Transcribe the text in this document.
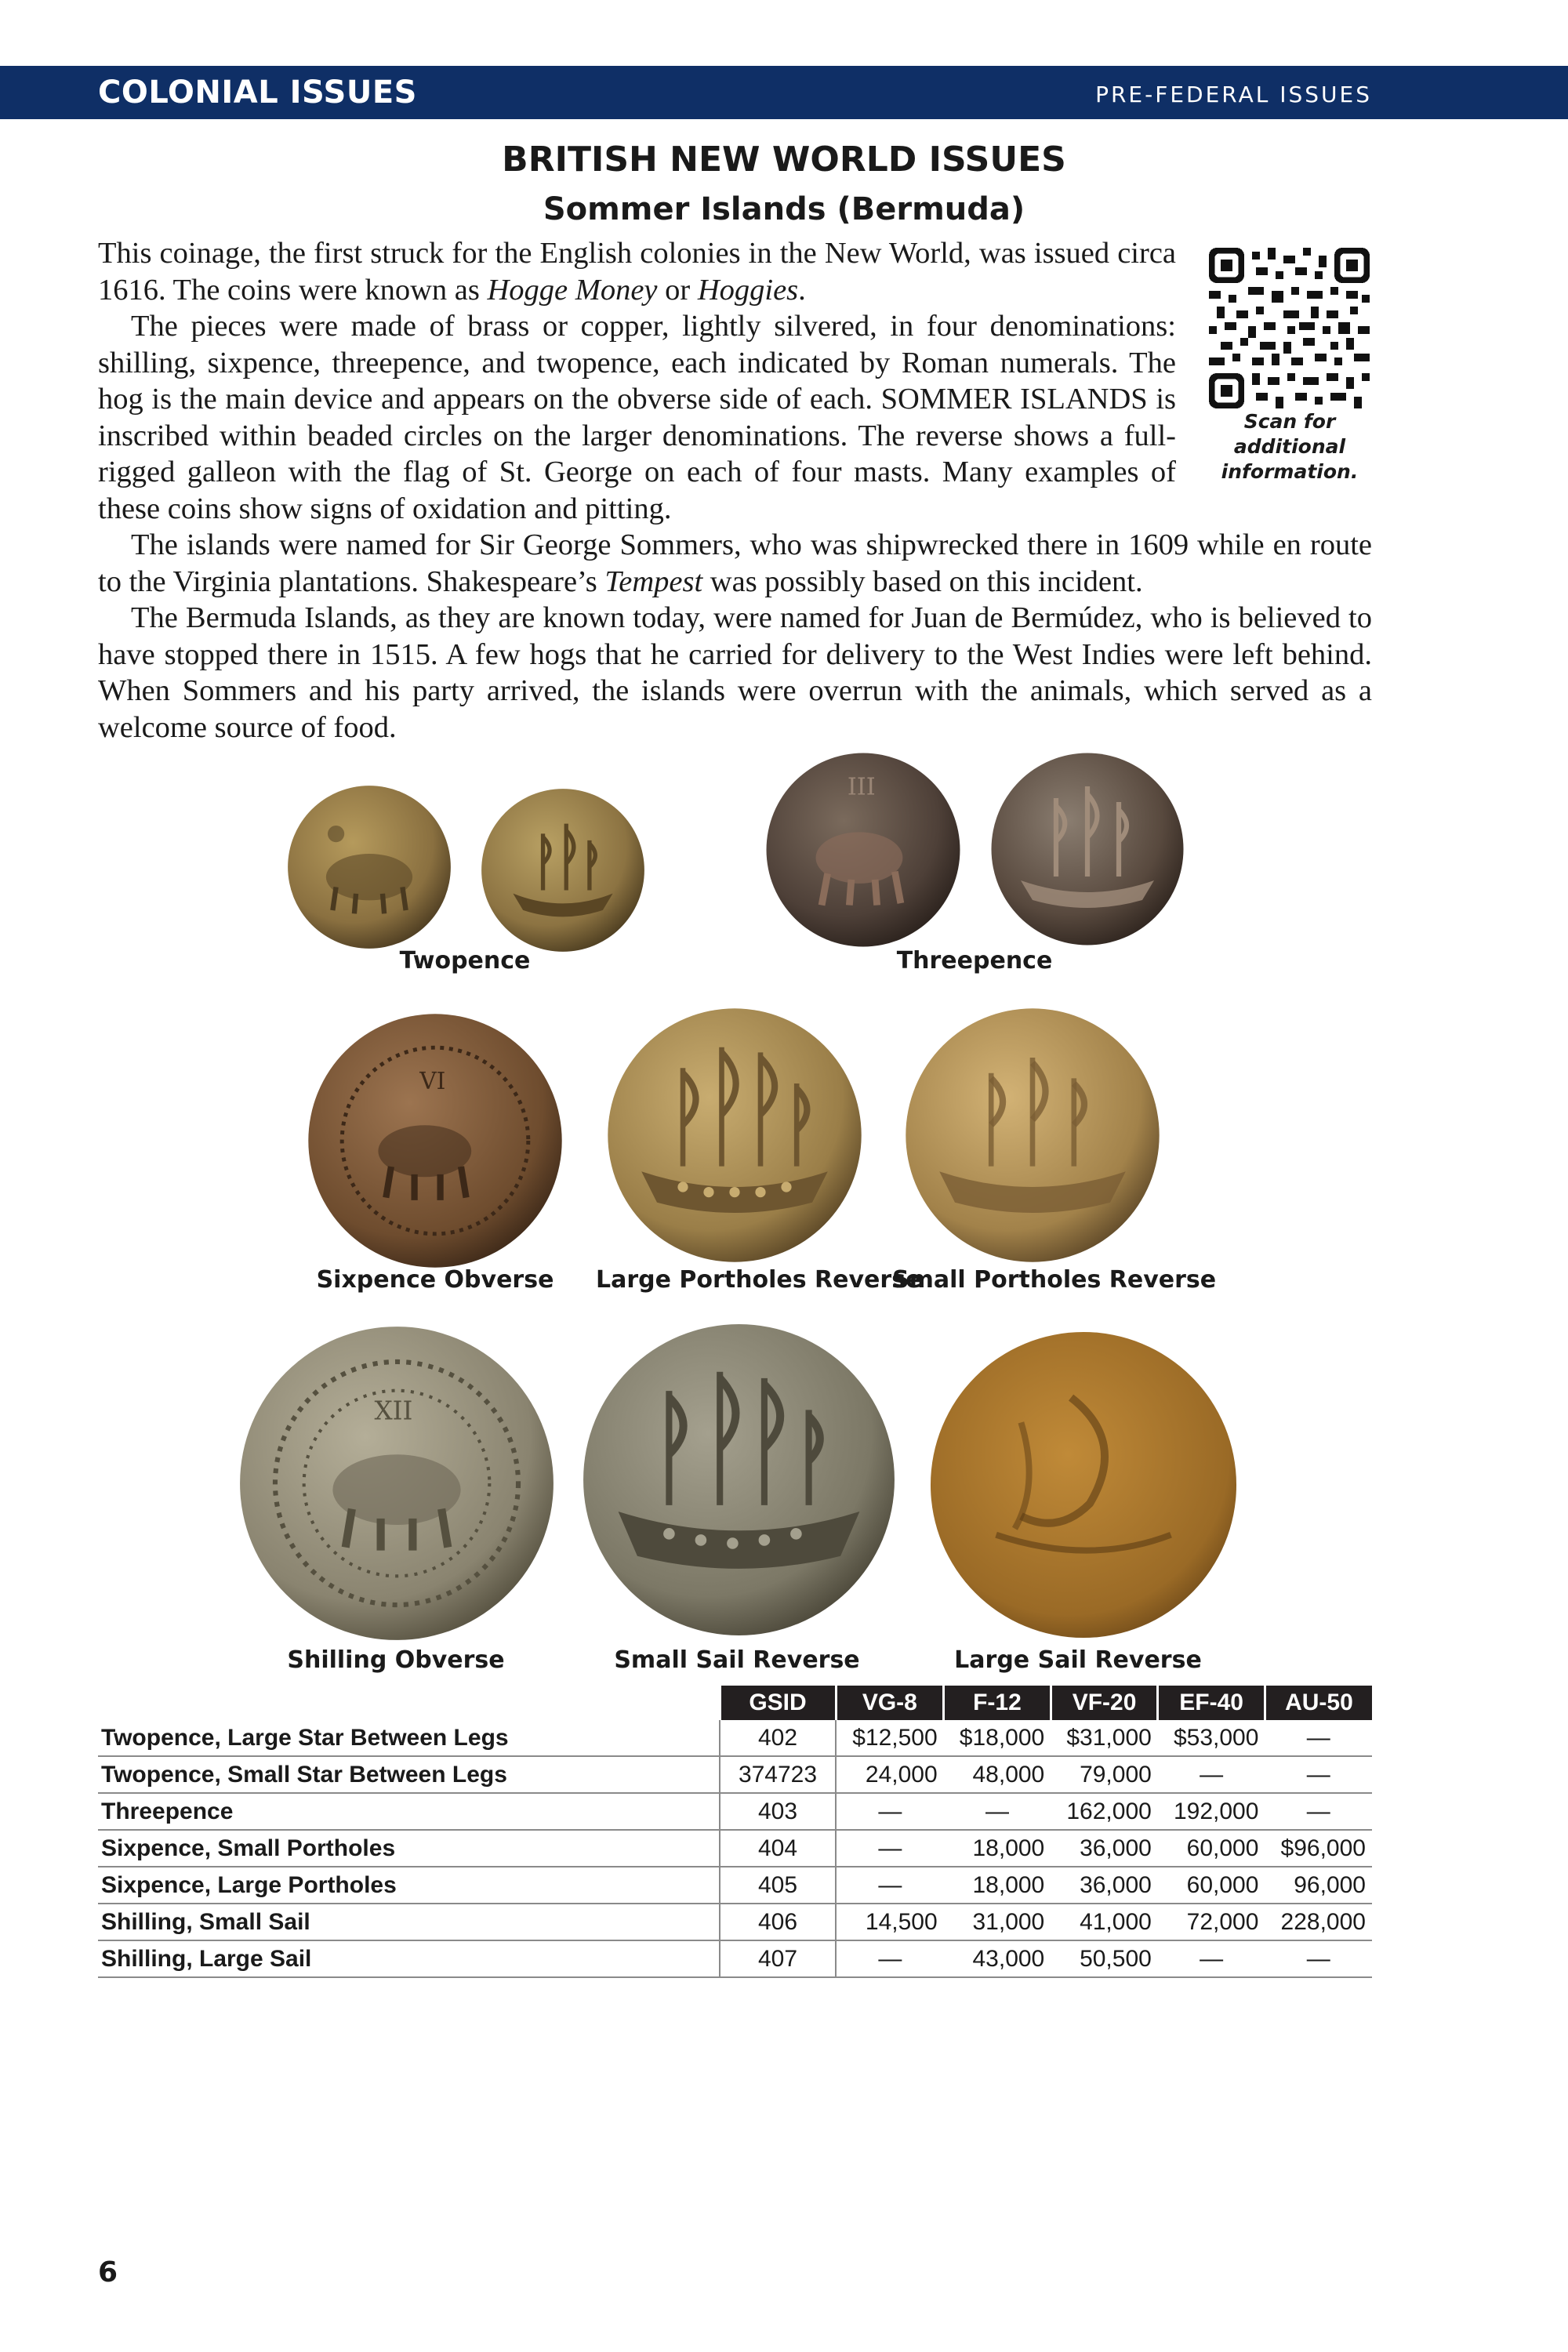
COLONIAL ISSUES	PRE-FEDERAL ISSUES
BRITISH NEW WORLD ISSUES
Sommer Islands (Bermuda)

This coinage, the first struck for the English colonies in the New World, was issued circa 1616. The coins were known as Hogge Money or Hoggies.

The pieces were made of brass or copper, lightly silvered, in four denominations: shilling, sixpence, threepence, and twopence, each indicated by Roman numerals. The hog is the main device and appears on the obverse side of each. SOMMER ISLANDS is inscribed within beaded circles on the larger denominations. The reverse shows a full-rigged galleon with the flag of St. George on each of four masts. Many examples of these coins show signs of oxidation and pitting.

The islands were named for Sir George Sommers, who was shipwrecked there in 1609 while en route to the Virginia plantations. Shakespeare’s Tempest was possibly based on this incident.

The Bermuda Islands, as they are known today, were named for Juan de Bermúdez, who is believed to have stopped there in 1515. A few hogs that he carried for delivery to the West Indies were left behind. When Sommers and his party arrived, the islands were overrun with the animals, which served as a welcome source of food.

Scan for additional information.
III
Twopence	Threepence
VI
Sixpence Obverse Large Portholes Reverse
Small Portholes Reverse
XII
Shilling Obverse	Small Sail Reverse	Large Sail Reverse
	GSID	VG-8	F-12	VF-20	EF-40	AU-50
Twopence, Large Star Between Legs	402	$12,500	$18,000	$31,000	$53,000	—
Twopence, Small Star Between Legs	374723	24,000	48,000	79,000	—	—
Threepence	403	—	—	162,000	192,000	—
Sixpence, Small Portholes	404	—	18,000	36,000	60,000	$96,000
Sixpence, Large Portholes	405	—	18,000	36,000	60,000	96,000
Shilling, Small Sail	406	14,500	31,000	41,000	72,000	228,000
Shilling, Large Sail	407	—	43,000	50,500	—	—
6
